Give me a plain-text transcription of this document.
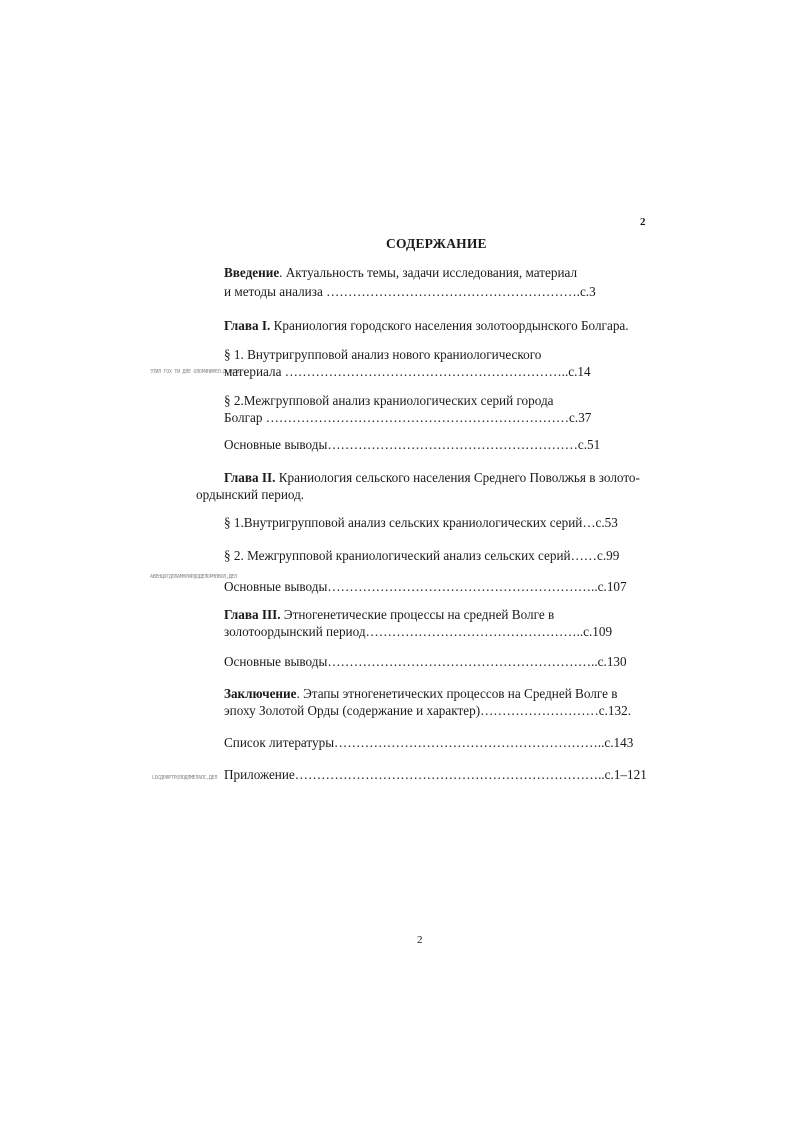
2
СОДЕРЖАНИЕ
Введение. Актуальность темы, задачи исследования, материал
и методы анализа ………………………………………………….с.3
Глава I. Краниология городского населения золотоордынского Болгара.
§ 1. Внутригрупповой анализ нового краниологического
ЭТИЛ ГОХ ТИ ДЛЕ ОЛОРИНИРЕЛ.Д.ПОЛЬ
материала ………………………………………………………..с.14
§ 2.Межгрупповой анализ краниологических серий города
Болгар ……………………………………………………………с.37
Основные выводы…………………………………………………с.51
Глава II. Краниология сельского населения Среднего Поволжья в золото-
ордынский период.
§ 1.Внутригрупповой анализ сельских краниологических серий…с.53
§ 2. Межгрупповой краниологический анализ сельских серий……с.99
АВЕНЦОГДЛЛАМНРИРДОДЕЛОРМЛВОЛ,ДЕЛ
Основные выводы……………………………………………………..с.107
Глава III. Этногенетические процессы на средней Волге в
золотоордынский период…………………………………………..с.109
Основные выводы……………………………………………………..с.130
Заключение. Этапы этногенетических процессов на Средней Волге в
эпоху Золотой Орды (содержание и характер)………………………с.132.
Список литературы……………………………………………………..с.143
LDCДРИРТРОЛОДЛМЕЛАЛС,ДЕЛ Приложение……………………………………………………………..с.1–121
2
